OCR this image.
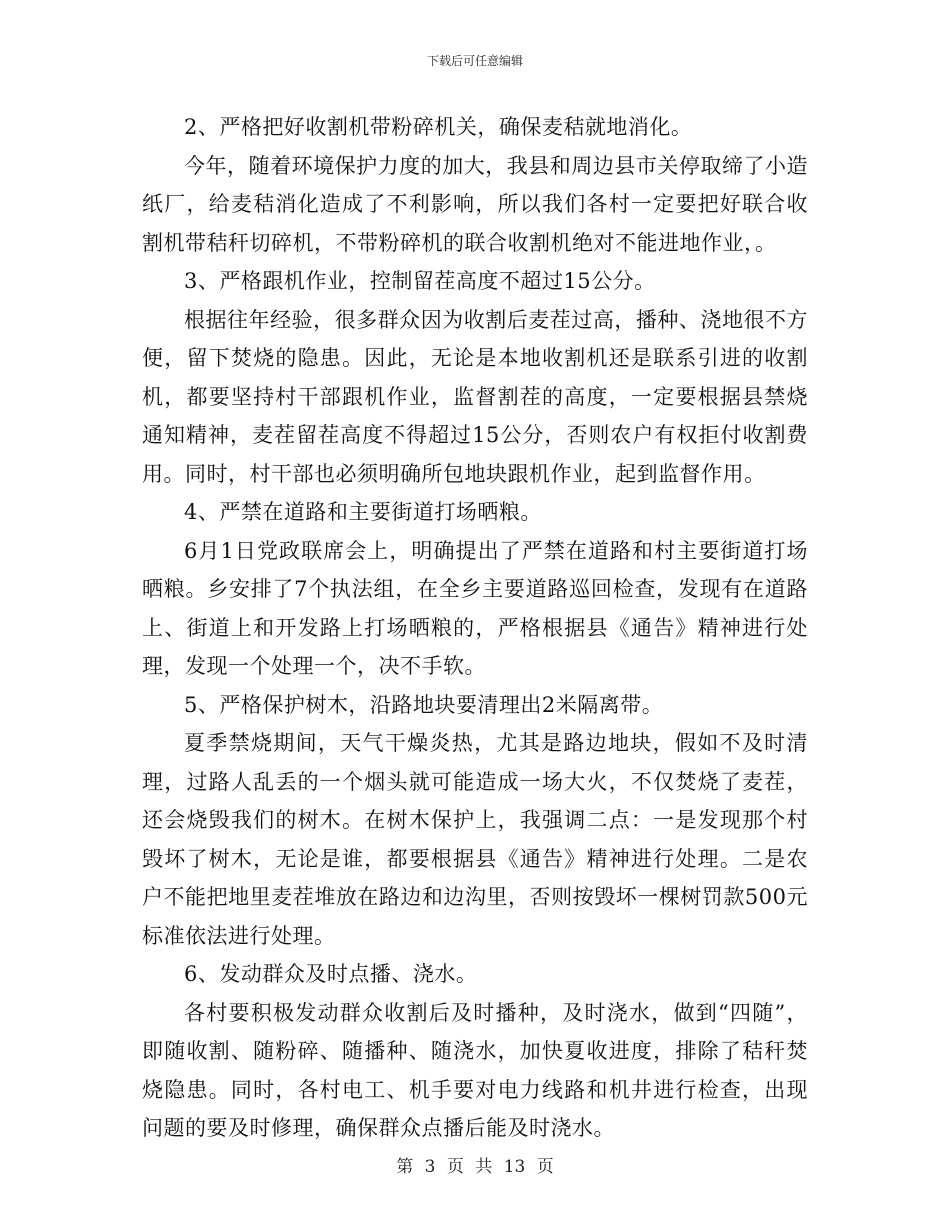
下载后可任意编辑

2、严格把好收割机带粉碎机关，确保麦秸就地消化。

今年，随着环境保护力度的加大，我县和周边县市关停取缔了小造纸厂，给麦秸消化造成了不利影响，所以我们各村一定要把好联合收割机带秸秆切碎机，不带粉碎机的联合收割机绝对不能进地作业，。

3、严格跟机作业，控制留茬高度不超过15公分。

根据往年经验，很多群众因为收割后麦茬过高，播种、浇地很不方便，留下焚烧的隐患。因此，无论是本地收割机还是联系引进的收割机，都要坚持村干部跟机作业，监督割茬的高度，一定要根据县禁烧通知精神，麦茬留茬高度不得超过15公分，否则农户有权拒付收割费用。同时，村干部也必须明确所包地块跟机作业，起到监督作用。

4、严禁在道路和主要街道打场晒粮。

6月1日党政联席会上，明确提出了严禁在道路和村主要街道打场晒粮。乡安排了7个执法组，在全乡主要道路巡回检查，发现有在道路上、街道上和开发路上打场晒粮的，严格根据县《通告》精神进行处理，发现一个处理一个，决不手软。

5、严格保护树木，沿路地块要清理出2米隔离带。

夏季禁烧期间，天气干燥炎热，尤其是路边地块，假如不及时清理，过路人乱丢的一个烟头就可能造成一场大火，不仅焚烧了麦茬，还会烧毁我们的树木。在树木保护上，我强调二点：一是发现那个村毁坏了树木，无论是谁，都要根据县《通告》精神进行处理。二是农户不能把地里麦茬堆放在路边和边沟里，否则按毁坏一棵树罚款500元标准依法进行处理。

6、发动群众及时点播、浇水。

各村要积极发动群众收割后及时播种，及时浇水，做到“四随”，即随收割、随粉碎、随播种、随浇水，加快夏收进度，排除了秸秆焚烧隐患。同时，各村电工、机手要对电力线路和机井进行检查，出现问题的要及时修理，确保群众点播后能及时浇水。

第 3 页 共 13 页
